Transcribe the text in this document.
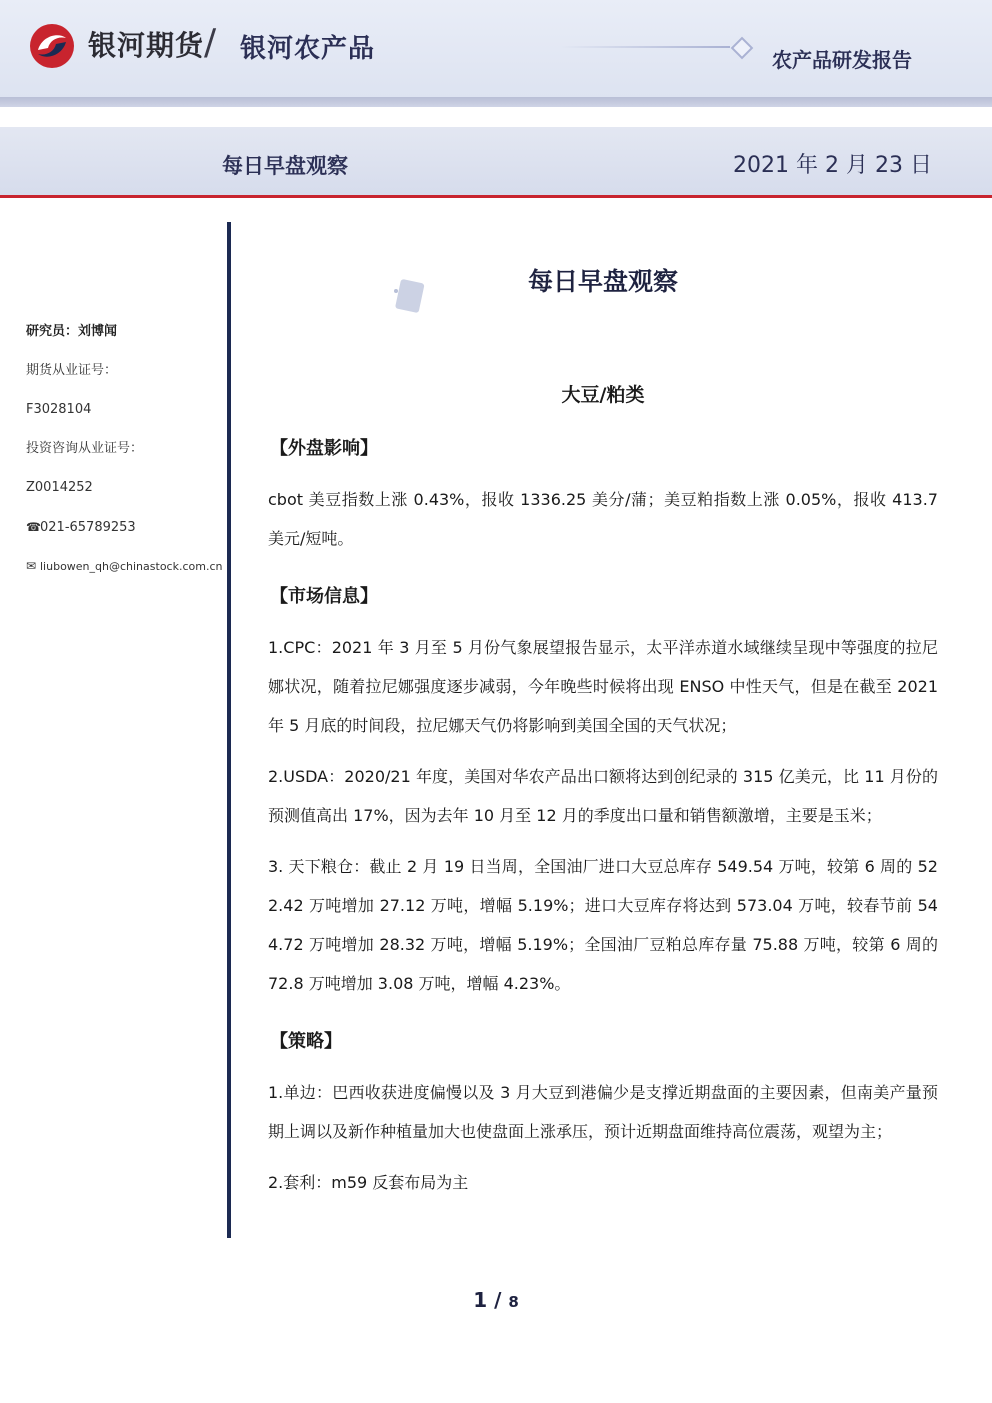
银河期货 / 银河农产品	农产品研发报告
每日早盘观察	2021 年 2 月 23 日
研究员：刘博闻
期货从业证号：
F3028104
投资咨询从业证号：
Z0014252
☎021-65789253
✉ liubowen_qh@chinastock.com.cn
每日早盘观察
大豆/粕类
【外盘影响】
cbot 美豆指数上涨 0.43%，报收 1336.25 美分/蒲；美豆粕指数上涨 0.05%，报收 413.7 美元/短吨。
【市场信息】
1.CPC：2021 年 3 月至 5 月份气象展望报告显示，太平洋赤道水域继续呈现中等强度的拉尼娜状况，随着拉尼娜强度逐步减弱，今年晚些时候将出现 ENSO 中性天气，但是在截至 2021 年 5 月底的时间段，拉尼娜天气仍将影响到美国全国的天气状况；
2.USDA：2020/21 年度，美国对华农产品出口额将达到创纪录的 315 亿美元，比 11 月份的预测值高出 17%，因为去年 10 月至 12 月的季度出口量和销售额激增，主要是玉米；
3. 天下粮仓：截止 2 月 19 日当周，全国油厂进口大豆总库存 549.54 万吨，较第 6 周的 522.42 万吨增加 27.12 万吨，增幅 5.19%；进口大豆库存将达到 573.04 万吨，较春节前 544.72 万吨增加 28.32 万吨，增幅 5.19%；全国油厂豆粕总库存量 75.88 万吨，较第 6 周的 72.8 万吨增加 3.08 万吨，增幅 4.23%。
【策略】
1.单边：巴西收获进度偏慢以及 3 月大豆到港偏少是支撑近期盘面的主要因素，但南美产量预期上调以及新作种植量加大也使盘面上涨承压，预计近期盘面维持高位震荡，观望为主；
2.套利：m59 反套布局为主
1 / 8
